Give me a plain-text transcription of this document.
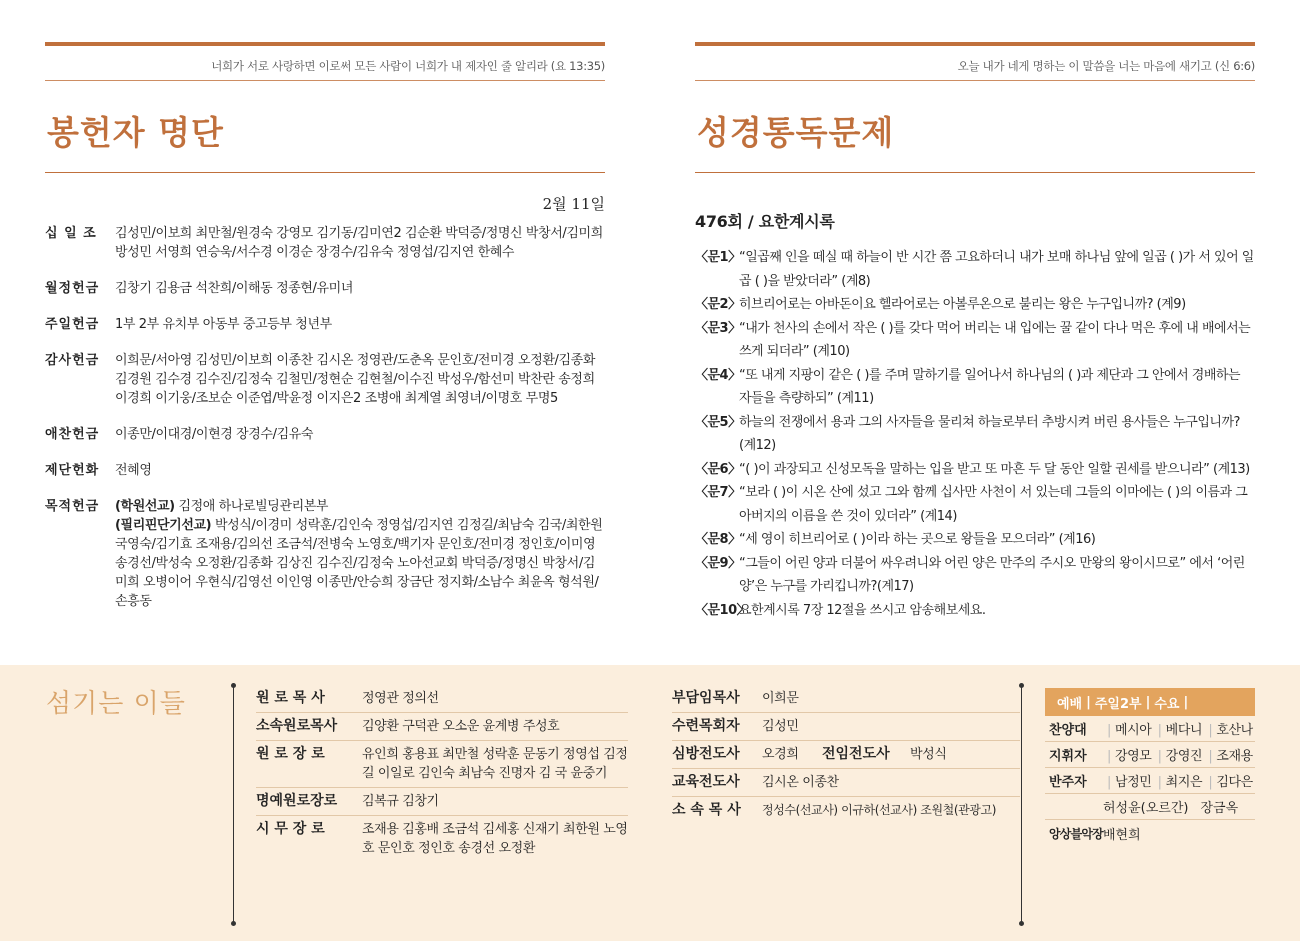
너희가 서로 사랑하면 이로써 모든 사람이 너희가 내 제자인 줄 알리라 (요 13:35)
봉헌자 명단
2월 11일
십 일 조	김성민/이보희 최만철/원경숙 강영모 김기동/김미연2 김순환 박덕증/정명신 박창서/김미희 방성민 서영희 연승욱/서수경 이경순 장경수/김유숙 정영섭/김지연 한혜수
월정헌금	김창기 김용금 석찬희/이해동 정종현/유미녀
주일헌금	1부 2부 유치부 아동부 중고등부 청년부
감사헌금	이희문/서아영 김성민/이보희 이종찬 김시온 정영관/도춘옥 문인호/전미경 오정환/김종화 김경원 김수경 김수진/김정숙 김철민/정현순 김현철/이수진 박성우/함선미 박찬란 송정희 이경희 이기웅/조보순 이준엽/박윤정 이지은2 조병애 최계열 최영녀/이명호 무명5
애찬헌금	이종만/이대경/이현경 장경수/김유숙
제단헌화	전혜영
목적헌금	(학원선교) 김정애 하나로빌딩관리본부
(필리핀단기선교) 박성식/이경미 성락훈/김인숙 정영섭/김지연 김정길/최남숙 김국/최한원 국영숙/김기효 조재용/김의선 조금석/전병숙 노영호/백기자 문인호/전미경 정인호/이미영 송경선/박성숙 오정환/김종화 김상진 김수진/김정숙 노아선교회 박덕증/정명신 박창서/김미희 오병이어 우현식/김영선 이인영 이종만/안승희 장금단 정지화/소남수 최윤옥 형석원/손흥동
오늘 내가 네게 명하는 이 말씀을 너는 마음에 새기고 (신 6:6)
성경통독문제
476회 / 요한계시록
〈문1〉
“일곱째 인을 떼실 때 하늘이 반 시간 쯤 고요하더니 내가 보매 하나님 앞에 일곱 ( )가 서 있어 일곱 ( )을 받았더라” (계8)
〈문2〉
히브리어로는 아바돈이요 헬라어로는 아볼루온으로 불리는 왕은 누구입니까? (계9)
〈문3〉
“내가 천사의 손에서 작은 ( )를 갖다 먹어 버리는 내 입에는 꿀 같이 다나 먹은 후에 내 배에서는 쓰게 되더라” (계10)
〈문4〉
“또 내게 지팡이 같은 ( )를 주며 말하기를 일어나서 하나님의 ( )과 제단과 그 안에서 경배하는 자들을 측량하되” (계11)
〈문5〉
하늘의 전쟁에서 용과 그의 사자들을 물리쳐 하늘로부터 추방시켜 버린 용사들은 누구입니까? (계12)
〈문6〉
“( )이 과장되고 신성모독을 말하는 입을 받고 또 마흔 두 달 동안 일할 권세를 받으니라” (계13)
〈문7〉
“보라 ( )이 시온 산에 섰고 그와 함께 십사만 사천이 서 있는데 그들의 이마에는 ( )의 이름과 그 아버지의 이름을 쓴 것이 있더라” (계14)
〈문8〉
“세 영이 히브리어로 ( )이라 하는 곳으로 왕들을 모으더라” (계16)
〈문9〉
“그들이 어린 양과 더불어 싸우려니와 어린 양은 만주의 주시오 만왕의 왕이시므로” 에서 ‘어린 양’은 누구를 가리킵니까?(계17)
〈문10〉
요한계시록 7장 12절을 쓰시고 암송해보세요.
섬기는 이들	원 로 목 사	정영관 정의선
소속원로목사	김양환 구덕관 오소운 윤계병 주성호
원 로 장 로	유인희 홍용표 최만철 성락훈 문동기 정영섭 김정길 이일로 김인숙 최남숙 진명자 김 국 윤중기
명예원로장로	김복규 김창기
시 무 장 로	조재용 김홍배 조금석 김세홍 신재기 최한원 노영호 문인호 정인호 송경선 오정환
부담임목사	이희문
수련목회자	김성민
심방전도사	오경희	전임전도사	박성식
교육전도사	김시온 이종찬
소 속 목 사	정성수(선교사) 이규하(선교사) 조원철(관광고)
예배 | 주일2부 | 수요 |
찬양대	| 메시아 | 베다니 | 호산나
지휘자	| 강영모 | 강영진 | 조재용
반주자	| 남정민 | 최지은 | 김다은
허성윤(오르간) 장금옥
앙상블악장 배현희
